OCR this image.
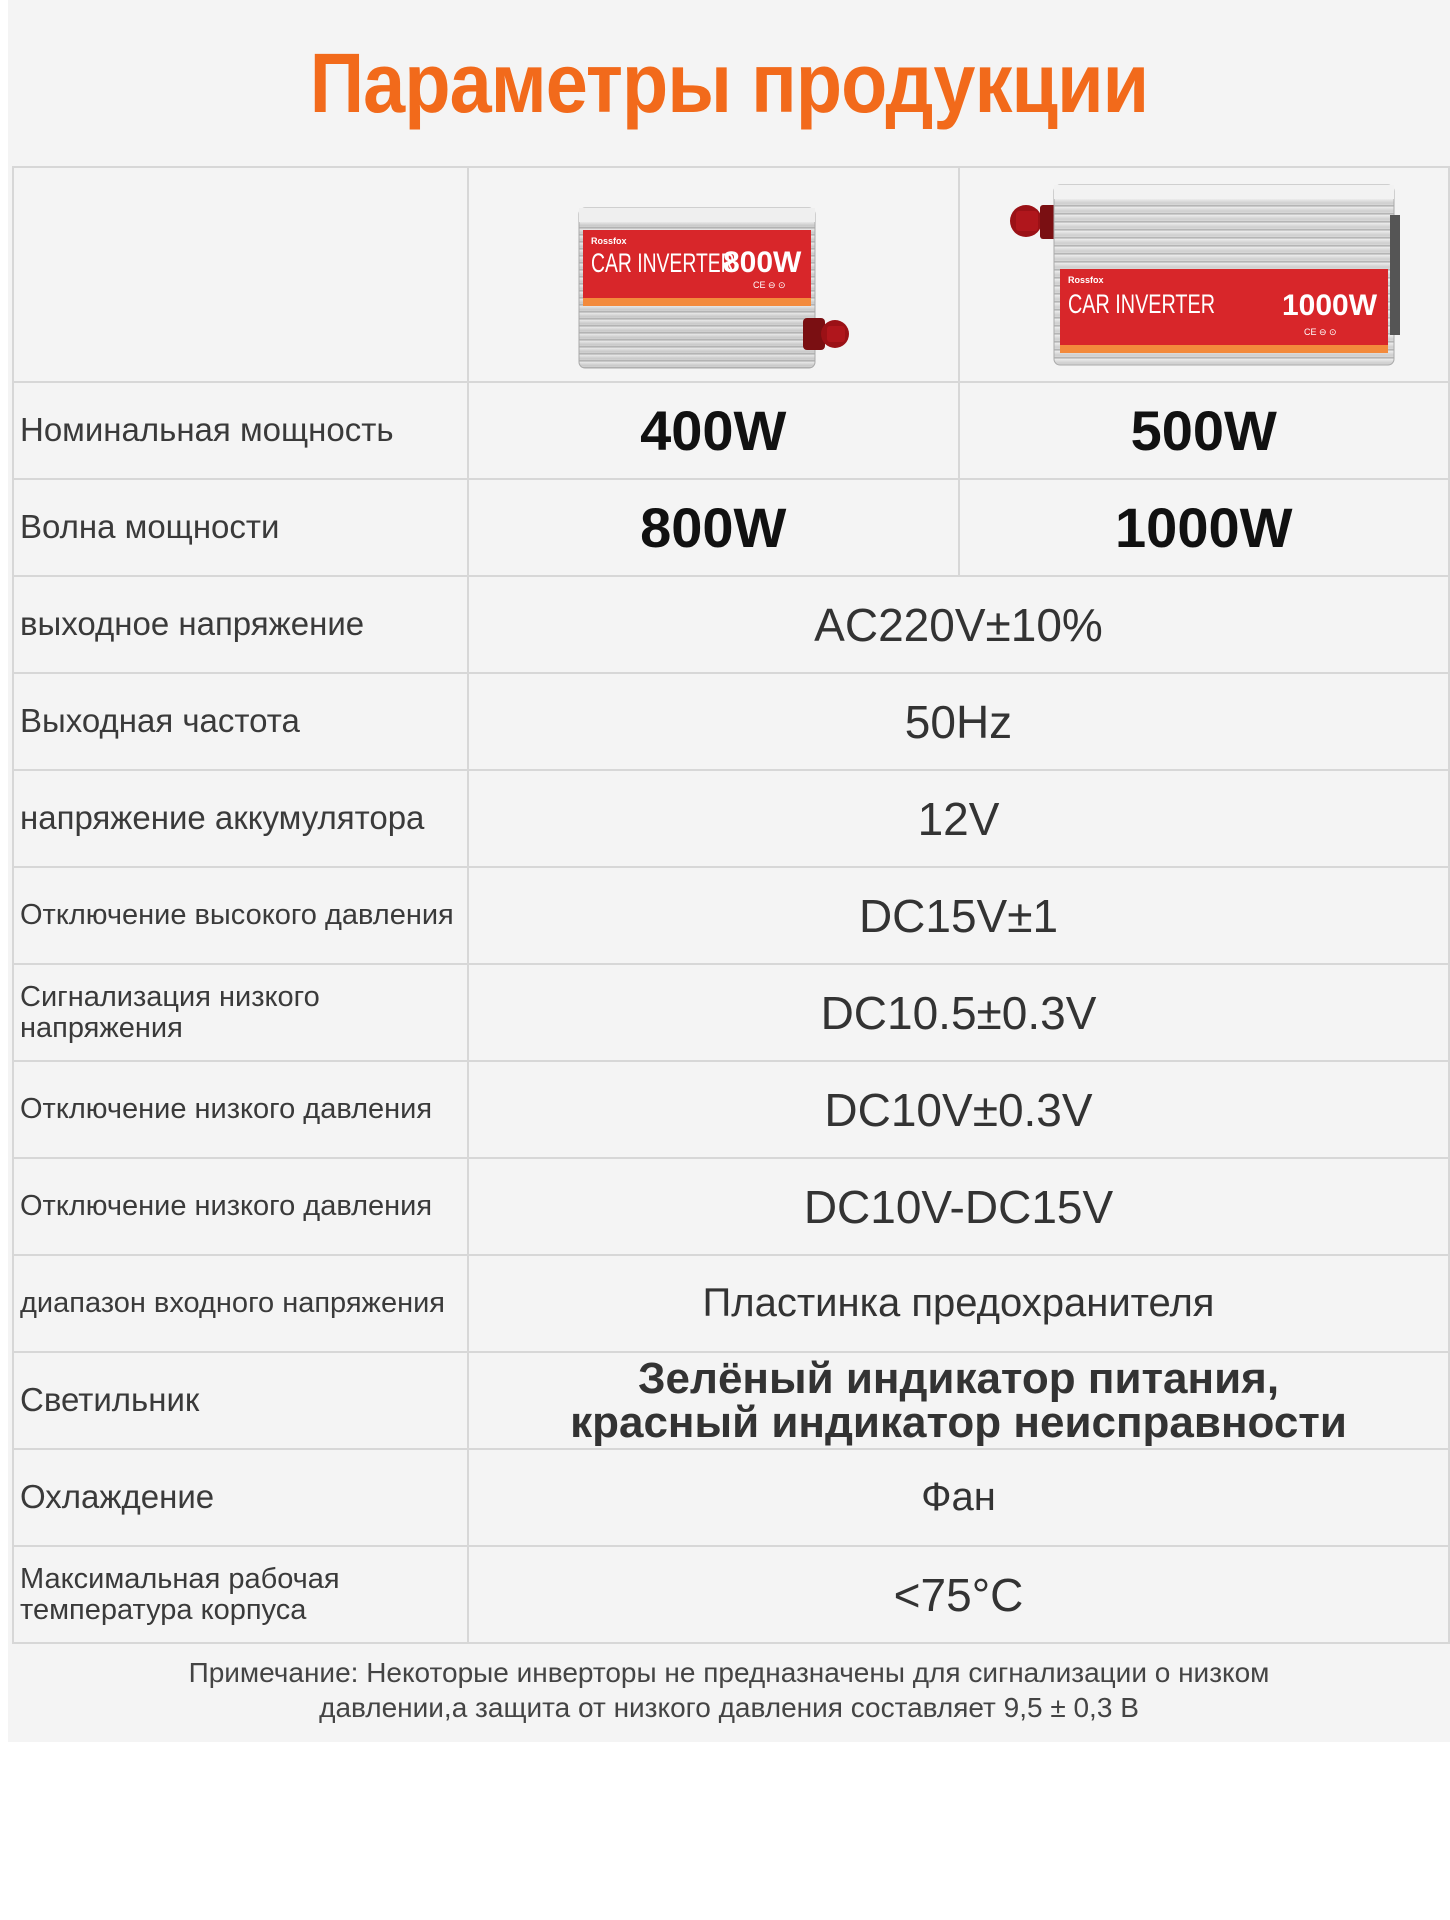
Параметры продукции

Rossfox
CAR INVERTER
800W
CE ⊖ ⊙	Rossfox
CAR INVERTER 1000W
CE ⊖ ⊙

Номинальная мощность	400W	500W
Волна мощности	800W	1000W
выходное напряжение	AC220V±10%	
Выходная частота	50Hz	
напряжение аккумулятора	12V	
Отключение высокого давления	DC15V±1	
Сигнализация низкого напряжения	DC10.5±0.3V	
Отключение низкого давления	DC10V±0.3V	
Отключение низкого давления	DC10V-DC15V	
диапазон входного напряжения	Пластинка предохранителя	
Светильник	Зелёный индикатор питания,
красный индикатор неисправности	

Охлаждение	Фан	
Максимальная рабочая температура корпуса	<75°C	
Примечание: Некоторые инверторы не предназначены для сигнализации о низком
давлении,а защита от низкого давления составляет 9,5 ± 0,3 В
